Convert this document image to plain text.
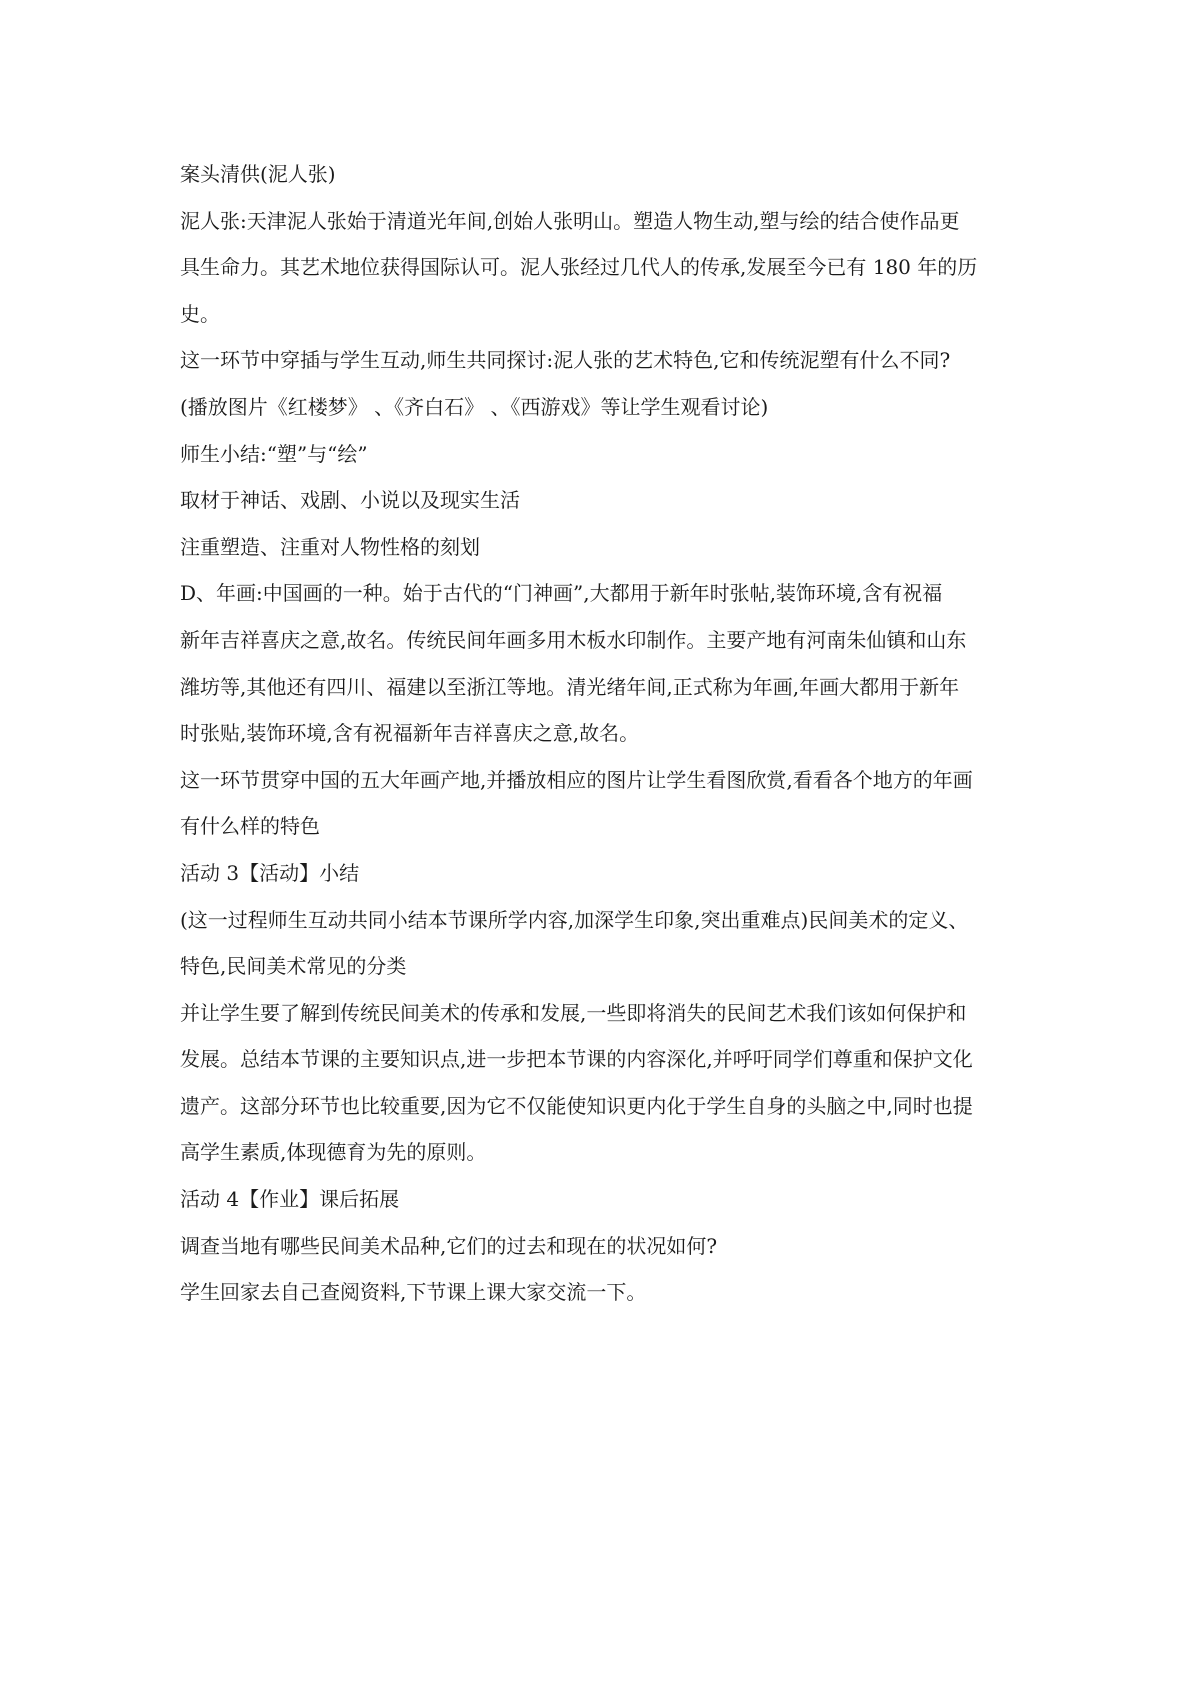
案头清供(泥人张)
泥人张:天津泥人张始于清道光年间,创始人张明山。塑造人物生动,塑与绘的结合使作品更
具生命力。其艺术地位获得国际认可。泥人张经过几代人的传承,发展至今已有 180 年的历
史。
这一环节中穿插与学生互动,师生共同探讨:泥人张的艺术特色,它和传统泥塑有什么不同?
(播放图片《红楼梦》 、《齐白石》 、《西游戏》等让学生观看讨论)
师生小结:“塑”与“绘”
取材于神话、戏剧、小说以及现实生活
注重塑造、注重对人物性格的刻划
D、年画:中国画的一种。始于古代的“门神画”,大都用于新年时张帖,装饰环境,含有祝福
新年吉祥喜庆之意,故名。传统民间年画多用木板水印制作。主要产地有河南朱仙镇和山东
潍坊等,其他还有四川、福建以至浙江等地。清光绪年间,正式称为年画,年画大都用于新年
时张贴,装饰环境,含有祝福新年吉祥喜庆之意,故名。
这一环节贯穿中国的五大年画产地,并播放相应的图片让学生看图欣赏,看看各个地方的年画
有什么样的特色
活动 3【活动】小结
(这一过程师生互动共同小结本节课所学内容,加深学生印象,突出重难点)民间美术的定义、
特色,民间美术常见的分类
并让学生要了解到传统民间美术的传承和发展,一些即将消失的民间艺术我们该如何保护和
发展。总结本节课的主要知识点,进一步把本节课的内容深化,并呼吁同学们尊重和保护文化
遗产。这部分环节也比较重要,因为它不仅能使知识更内化于学生自身的头脑之中,同时也提
高学生素质,体现德育为先的原则。
活动 4【作业】课后拓展
调查当地有哪些民间美术品种,它们的过去和现在的状况如何?
学生回家去自己查阅资料,下节课上课大家交流一下。
